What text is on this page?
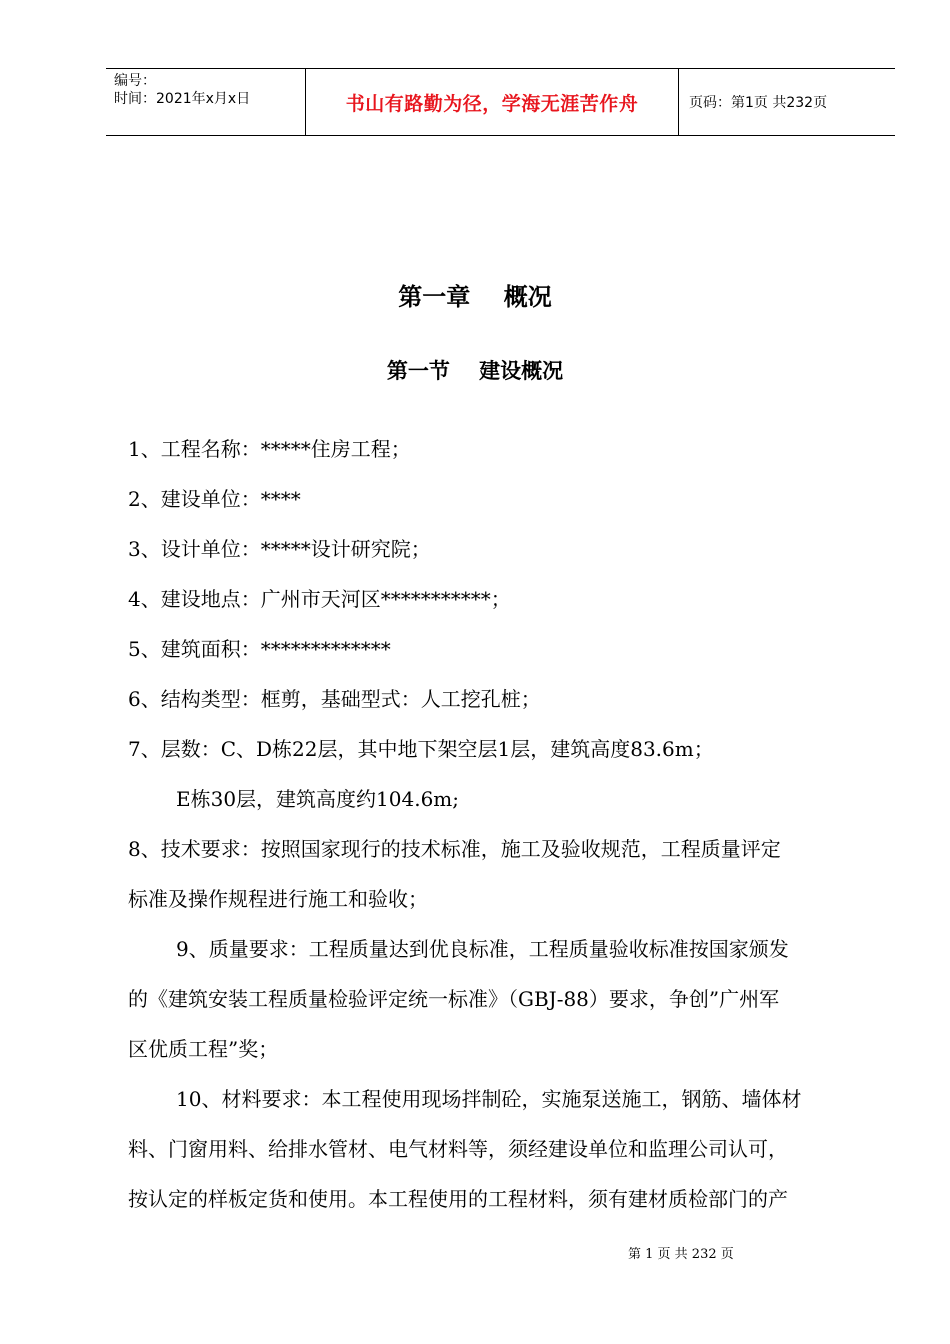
编号：
时间：2021年x月x日	书山有路勤为径，学海无涯苦作舟	页码：第1页 共232页
第一章    概况
第一节    建设概况

1、工程名称：*****住房工程；

2、建设单位：****

3、设计单位：*****设计研究院；

4、建设地点：广州市天河区***********；

5、建筑面积：*************

6、结构类型：框剪，基础型式：人工挖孔桩；

7、层数：C、D栋22层，其中地下架空层1层，建筑高度83.6m；

E栋30层，建筑高度约104.6m;

8、技术要求：按照国家现行的技术标准，施工及验收规范，工程质量评定

标准及操作规程进行施工和验收；

9、质量要求：工程质量达到优良标准，工程质量验收标准按国家颁发

的《建筑安装工程质量检验评定统一标准》（GBJ-88）要求，争创”广州军

区优质工程”奖；

10、材料要求：本工程使用现场拌制砼，实施泵送施工，钢筋、墙体材

料、门窗用料、给排水管材、电气材料等，须经建设单位和监理公司认可，

按认定的样板定货和使用。本工程使用的工程材料，须有建材质检部门的产

第 1 页 共 232 页
